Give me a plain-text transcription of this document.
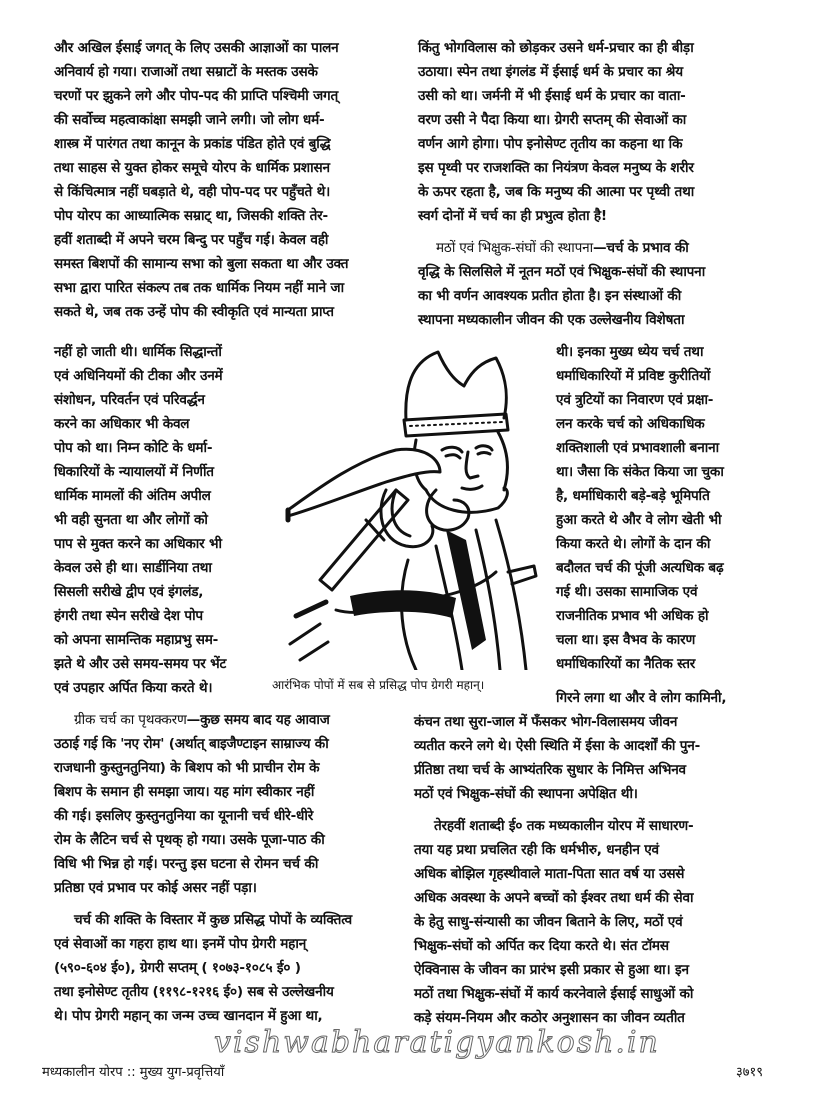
और अखिल ईसाई जगत् के लिए उसकी आज्ञाओं का पालन
अनिवार्य हो गया। राजाओं तथा सम्राटों के मस्तक उसके
चरणों पर झुकने लगे और पोप-पद की प्राप्ति पश्चिमी जगत्
की सर्वोच्च महत्वाकांक्षा समझी जाने लगी। जो लोग धर्म-
शास्त्र में पारंगत तथा कानून के प्रकांड पंडित होते एवं बुद्धि
तथा साहस से युक्त होकर समूचे योरप के धार्मिक प्रशासन
से किंचित्मात्र नहीं घबड़ाते थे, वही पोप-पद पर पहुँचते थे।
पोप योरप का आध्यात्मिक सम्राट् था, जिसकी शक्ति तेर-
हवीं शताब्दी में अपने चरम बिन्दु पर पहुँच गई। केवल वही
समस्त बिशपों की सामान्य सभा को बुला सकता था और उक्त
सभा द्वारा पारित संकल्प तब तक धार्मिक नियम नहीं माने जा
सकते थे, जब तक उन्हें पोप की स्वीकृति एवं मान्यता प्राप्त
नहीं हो जाती थी। धार्मिक सिद्धान्तों
एवं अधिनियमों की टीका और उनमें
संशोधन, परिवर्तन एवं परिवर्द्धन
करने का अधिकार भी केवल
पोप को था। निम्न कोटि के धर्मा-
धिकारियों के न्यायालयों में निर्णीत
धार्मिक मामलों की अंतिम अपील
भी वही सुनता था और लोगों को
पाप से मुक्त करने का अधिकार भी
केवल उसे ही था। सार्डीनिया तथा
सिसली सरीखे द्वीप एवं इंगलंड,
हंगरी तथा स्पेन सरीखे देश पोप
को अपना सामन्तिक महाप्रभु सम-
झते थे और उसे समय-समय पर भेंट
एवं उपहार अर्पित किया करते थे।
ग्रीक चर्च का पृथक्करण—कुछ समय बाद यह आवाज
उठाई गई कि 'नए रोम' (अर्थात् बाइजैण्टाइन साम्राज्य की
राजधानी कुस्तुनतुनिया) के बिशप को भी प्राचीन रोम के
बिशप के समान ही समझा जाय। यह मांग स्वीकार नहीं
की गई। इसलिए कुस्तुनतुनिया का यूनानी चर्च धीरे-धीरे
रोम के लैटिन चर्च से पृथक् हो गया। उसके पूजा-पाठ की
विधि भी भिन्न हो गई। परन्तु इस घटना से रोमन चर्च की
प्रतिष्ठा एवं प्रभाव पर कोई असर नहीं पड़ा।
चर्च की शक्ति के विस्तार में कुछ प्रसिद्ध पोपों के व्यक्तित्व
एवं सेवाओं का गहरा हाथ था। इनमें पोप ग्रेगरी महान्
(५९०-६०४ ई०), ग्रेगरी सप्तम् ( १०७३-१०८५ ई० )
तथा इनोसेण्ट तृतीय (११९८-१२१६ ई०) सब से उल्लेखनीय
थे। पोप ग्रेगरी महान् का जन्म उच्च खानदान में हुआ था,
किंतु भोगविलास को छोड़कर उसने धर्म-प्रचार का ही बीड़ा
उठाया। स्पेन तथा इंगलंड में ईसाई धर्म के प्रचार का श्रेय
उसी को था। जर्मनी में भी ईसाई धर्म के प्रचार का वाता-
वरण उसी ने पैदा किया था। ग्रेगरी सप्तम् की सेवाओं का
वर्णन आगे होगा। पोप इनोसेण्ट तृतीय का कहना था कि
इस पृथ्वी पर राजशक्ति का नियंत्रण केवल मनुष्य के शरीर
के ऊपर रहता है, जब कि मनुष्य की आत्मा पर पृथ्वी तथा
स्वर्ग दोनों में चर्च का ही प्रभुत्व होता है!
मठों एवं भिक्षुक-संघों की स्थापना—चर्च के प्रभाव की
वृद्धि के सिलसिले में नूतन मठों एवं भिक्षुक-संघों की स्थापना
का भी वर्णन आवश्यक प्रतीत होता है। इन संस्थाओं की
स्थापना मध्यकालीन जीवन की एक उल्लेखनीय विशेषता
थी। इनका मुख्य ध्येय चर्च तथा
धर्माधिकारियों में प्रविष्ट कुरीतियों
एवं त्रुटियों का निवारण एवं प्रक्षा-
लन करके चर्च को अधिकाधिक
शक्तिशाली एवं प्रभावशाली बनाना
था। जैसा कि संकेत किया जा चुका
है, धर्माधिकारी बड़े-बड़े भूमिपति
हुआ करते थे और वे लोग खेती भी
किया करते थे। लोगों के दान की
बदौलत चर्च की पूंजी अत्यधिक बढ़
गई थी। उसका सामाजिक एवं
राजनीतिक प्रभाव भी अधिक हो
चला था। इस वैभव के कारण
धर्माधिकारियों का नैतिक स्तर
गिरने लगा था और वे लोग कामिनी,
कंचन तथा सुरा-जाल में फँसकर भोग-विलासमय जीवन
व्यतीत करने लगे थे। ऐसी स्थिति में ईसा के आदर्शों की पुन-
र्प्रतिष्ठा तथा चर्च के आभ्यंतरिक सुधार के निमित्त अभिनव
मठों एवं भिक्षुक-संघों की स्थापना अपेक्षित थी।
तेरहवीं शताब्दी ई० तक मध्यकालीन योरप में साधारण-
तया यह प्रथा प्रचलित रही कि धर्मभीरु, धनहीन एवं
अधिक बोझिल गृहस्थीवाले माता-पिता सात वर्ष या उससे
अधिक अवस्था के अपने बच्चों को ईश्वर तथा धर्म की सेवा
के हेतु साधु-संन्यासी का जीवन बिताने के लिए, मठों एवं
भिक्षुक-संघों को अर्पित कर दिया करते थे। संत टॉमस
ऐक्विनास के जीवन का प्रारंभ इसी प्रकार से हुआ था। इन
मठों तथा भिक्षुक-संघों में कार्य करनेवाले ईसाई साधुओं को
कड़े संयम-नियम और कठोर अनुशासन का जीवन व्यतीत
आरंभिक पोपों में सब से प्रसिद्ध पोप ग्रेगरी महान्।
vishwabharatigyankosh.in
मध्यकालीन योरप :: मुख्य युग-प्रवृत्तियाँ	३७१९
